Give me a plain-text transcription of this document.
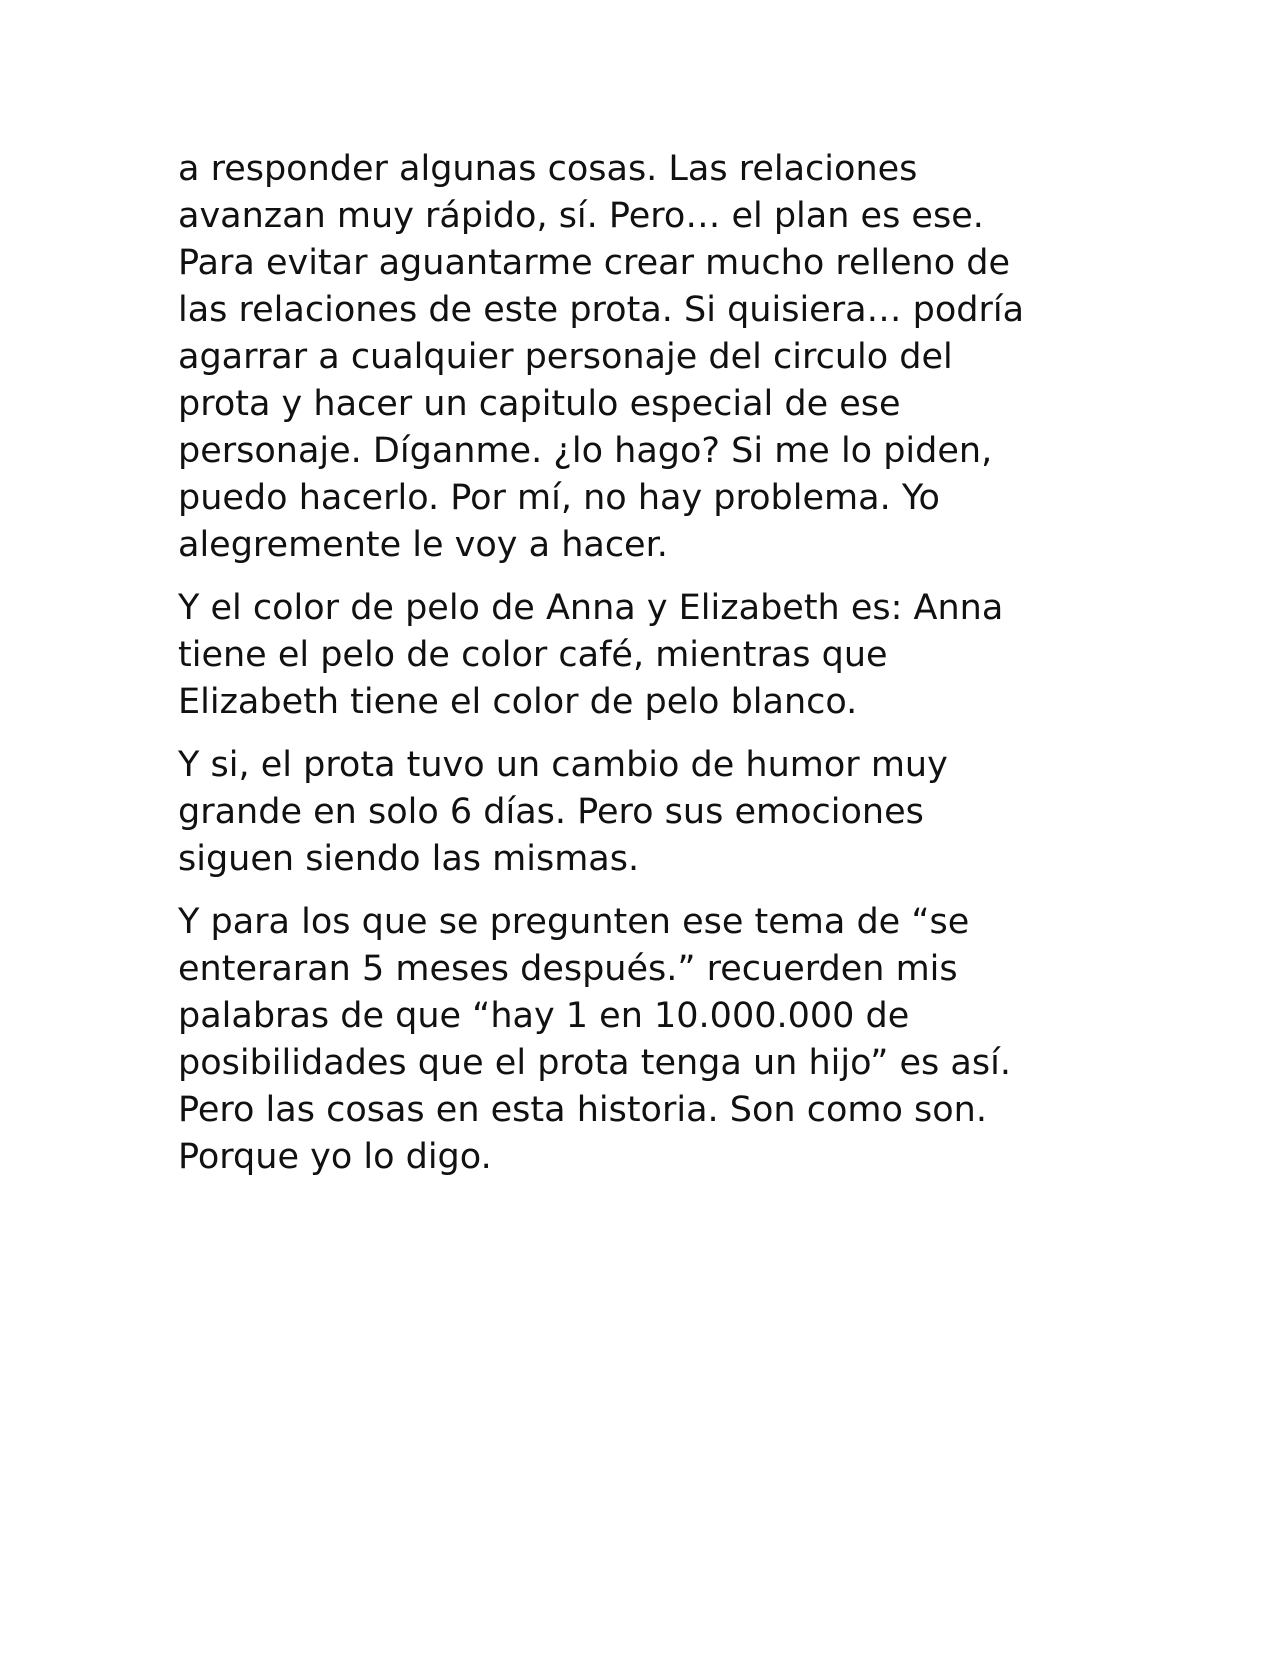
a responder algunas cosas. Las relaciones
avanzan muy rápido, sí. Pero… el plan es ese.
Para evitar aguantarme crear mucho relleno de
las relaciones de este prota. Si quisiera… podría
agarrar a cualquier personaje del circulo del
prota y hacer un capitulo especial de ese
personaje. Díganme. ¿lo hago? Si me lo piden,
puedo hacerlo. Por mí, no hay problema. Yo
alegremente le voy a hacer.

Y el color de pelo de Anna y Elizabeth es: Anna
tiene el pelo de color café, mientras que
Elizabeth tiene el color de pelo blanco.

Y si, el prota tuvo un cambio de humor muy
grande en solo 6 días. Pero sus emociones
siguen siendo las mismas.

Y para los que se pregunten ese tema de “se
enteraran 5 meses después.” recuerden mis
palabras de que “hay 1 en 10.000.000 de
posibilidades que el prota tenga un hijo” es así.
Pero las cosas en esta historia. Son como son.
Porque yo lo digo.
